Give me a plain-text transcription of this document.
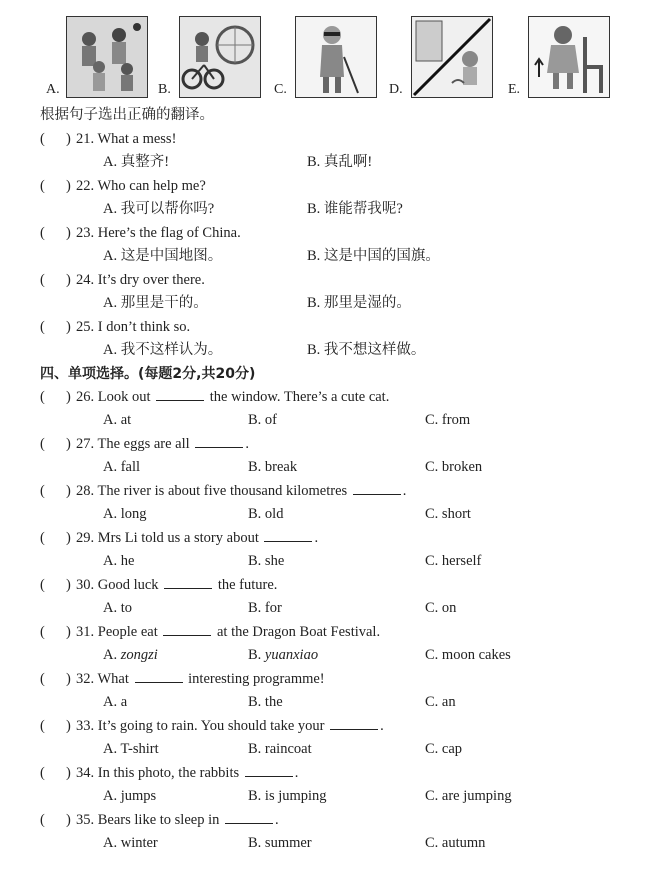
A.	B.	C.	D.	E.
根据句子选出正确的翻译。
( ) 21. What a mess!
A. 真整齐!	B. 真乱啊!
( ) 22. Who can help me?
A. 我可以帮你吗?	B. 谁能帮我呢?
( ) 23. Here’s the flag of China.
A. 这是中国地图。	B. 这是中国的国旗。
( ) 24. It’s dry over there.
A. 那里是干的。	B. 那里是湿的。
( ) 25. I don’t think so.
A. 我不这样认为。	B. 我不想这样做。
四、单项选择。(每题2分,共20分)
( ) 26. Look out	the window. There’s a cute cat.
A. at	B. of	C. from
( ) 27. The eggs are all	.
A. fall	B. break	C. broken
( ) 28. The river is about five thousand kilometres	.
A. long	B. old	C. short
( ) 29. Mrs Li told us a story about	.
A. he	B. she	C. herself
( ) 30. Good luck	the future.
A. to	B. for	C. on
( ) 31. People eat	at the Dragon Boat Festival.
A. zongzi	B. yuanxiao	C. moon cakes
( ) 32. What	interesting programme!
A. a	B. the	C. an
( ) 33. It’s going to rain. You should take your	.
A. T-shirt	B. raincoat	C. cap
( ) 34. In this photo, the rabbits	.
A. jumps	B. is jumping	C. are jumping
( ) 35. Bears like to sleep in	.
A. winter	B. summer	C. autumn
